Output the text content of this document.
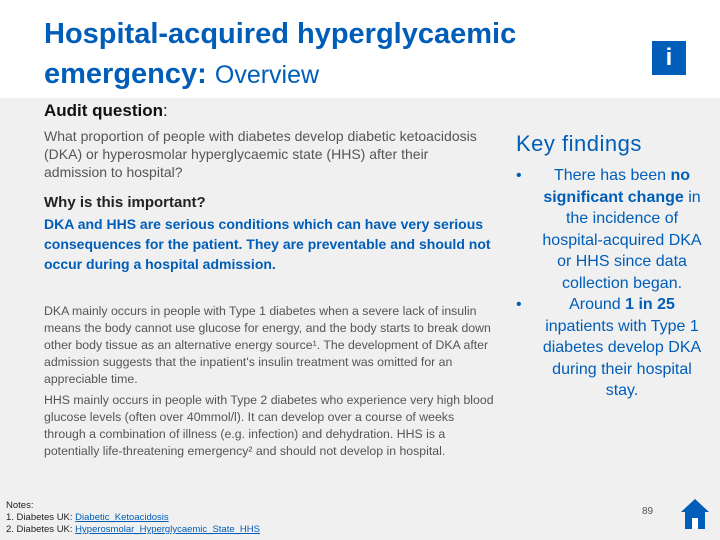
Hospital-acquired hyperglycaemic emergency: Overview
i

Audit question:

What proportion of people with diabetes develop diabetic ketoacidosis (DKA) or hyperosmolar hyperglycaemic state (HHS) after their admission to hospital?

Why is this important?

DKA and HHS are serious conditions which can have very serious consequences for the patient. They are preventable and should not occur during a hospital admission.

DKA mainly occurs in people with Type 1 diabetes when a severe lack of insulin means the body cannot use glucose for energy, and the body starts to break down other body tissue as an alternative energy source¹. The development of DKA after admission suggests that the inpatient's insulin treatment was omitted for an appreciable time.

HHS mainly occurs in people with Type 2 diabetes who experience very high blood glucose levels (often over 40mmol/l). It can develop over a course of weeks through a combination of illness (e.g. infection) and dehydration. HHS is a potentially life-threatening emergency² and should not develop in hospital.

Notes:
1. Diabetes UK: Diabetic_Ketoacidosis
2. Diabetes UK: Hyperosmolar_Hyperglycaemic_State_HHS
Key findings
• There has been no significant change in the incidence of hospital-acquired DKA or HHS since data collection began.
•	Around 1 in 25 inpatients with Type 1 diabetes develop DKA during their hospital stay.
89
